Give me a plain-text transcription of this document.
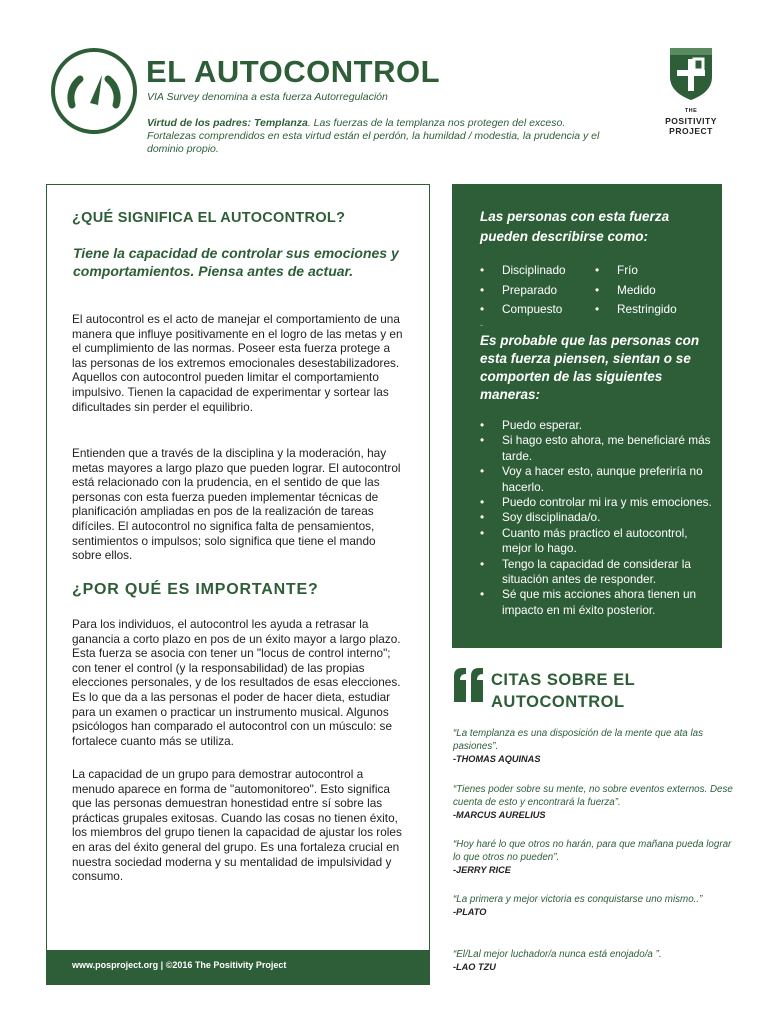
EL AUTOCONTROL
VIA Survey denomina a esta fuerza Autorregulación
Virtud de los padres: Templanza. Las fuerzas de la templanza nos protegen del exceso.
Fortalezas comprendidos en esta virtud están el perdón, la humildad / modestia, la prudencia y el dominio propio.
THE
POSITIVITY
PROJECT
¿QUÉ SIGNIFICA EL AUTOCONTROL?
Tiene la capacidad de controlar sus emociones y comportamientos. Piensa antes de actuar.
El autocontrol es el acto de manejar el comportamiento de una manera que influye positivamente en el logro de las metas y en el cumplimiento de las normas. Poseer esta fuerza protege a las personas de los extremos emocionales desestabilizadores. Aquellos con autocontrol pueden limitar el comportamiento impulsivo. Tienen la capacidad de experimentar y sortear las dificultades sin perder el equilibrio.
Entienden que a través de la disciplina y la moderación, hay metas mayores a largo plazo que pueden lograr. El autocontrol está relacionado con la prudencia, en el sentido de que las personas con esta fuerza pueden implementar técnicas de planificación ampliadas en pos de la realización de tareas difíciles. El autocontrol no significa falta de pensamientos, sentimientos o impulsos; solo significa que tiene el mando sobre ellos.
¿POR QUÉ ES IMPORTANTE?
Para los individuos, el autocontrol les ayuda a retrasar la ganancia a corto plazo en pos de un éxito mayor a largo plazo. Esta fuerza se asocia con tener un "locus de control interno"; con tener el control (y la responsabilidad) de las propias elecciones personales, y de los resultados de esas elecciones. Es lo que da a las personas el poder de hacer dieta, estudiar para un examen o practicar un instrumento musical. Algunos psicólogos han comparado el autocontrol con un músculo: se fortalece cuanto más se utiliza.
La capacidad de un grupo para demostrar autocontrol a menudo aparece en forma de "automonitoreo". Esto significa que las personas demuestran honestidad entre sí sobre las prácticas grupales exitosas. Cuando las cosas no tienen éxito, los miembros del grupo tienen la capacidad de ajustar los roles en aras del éxito general del grupo. Es una fortaleza crucial en nuestra sociedad moderna y su mentalidad de impulsividad y consumo.
www.posproject.org | ©2016 The Positivity Project
Las personas con esta fuerza pueden describirse como:
• Disciplinado
• Preparado
• Compuesto
• Frío
• Medido
• Restringido
-
Es probable que las personas con esta fuerza piensen, sientan o se comporten de las siguientes maneras:
• Puedo esperar.
• Si hago esto ahora, me beneficiaré más tarde.
• Voy a hacer esto, aunque preferiría no hacerlo.
• Puedo controlar mi ira y mis emociones.
• Soy disciplinada/o.
• Cuanto más practico el autocontrol, mejor lo hago.
• Tengo la capacidad de considerar la situación antes de responder.
• Sé que mis acciones ahora tienen un impacto en mi éxito posterior.
CITAS SOBRE EL AUTOCONTROL
“La templanza es una disposición de la mente que ata las pasiones”.
-THOMAS AQUINAS
“Tienes poder sobre su mente, no sobre eventos externos. Dese cuenta de esto y encontrará la fuerza”.
-MARCUS AURELIUS
“Hoy haré lo que otros no harán, para que mañana pueda lograr lo que otros no pueden”.
-JERRY RICE
“La primera y mejor victoria es conquistarse uno mismo..”
-PLATO
“El/Lal mejor luchador/a nunca está enojado/a ”.
-LAO TZU
